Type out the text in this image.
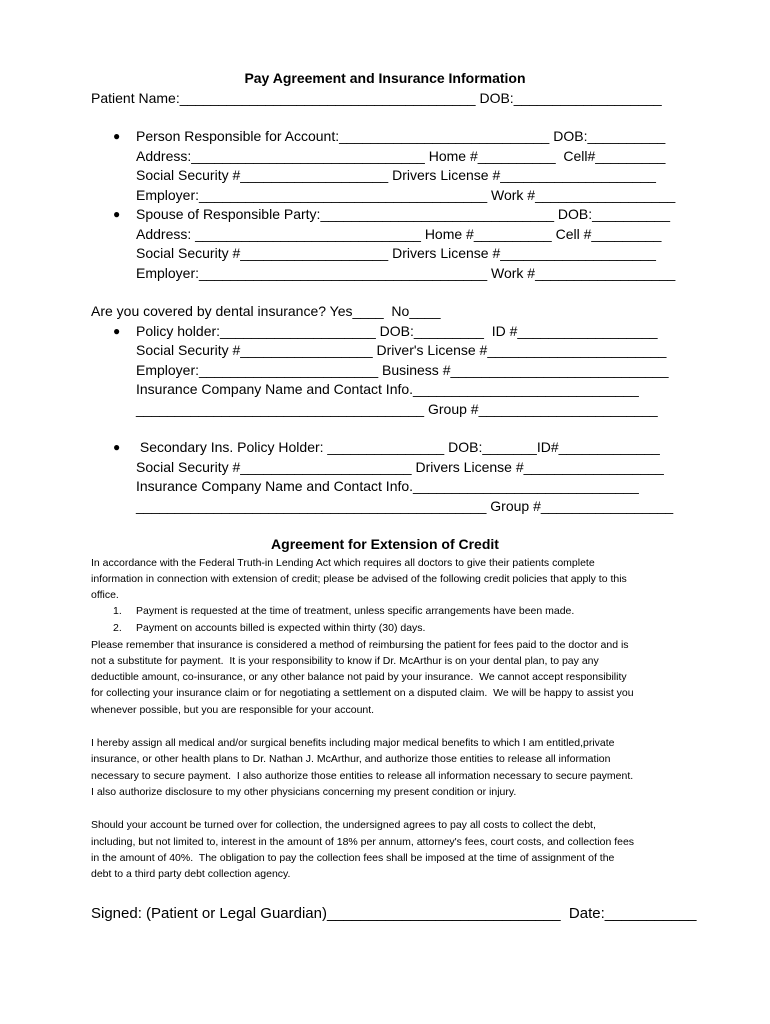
Pay Agreement and Insurance Information
Patient Name:______________________________________ DOB:___________________
● Person Responsible for Account:___________________________ DOB:__________
Address:______________________________ Home #__________  Cell#_________
Social Security #___________________ Drivers License #____________________
Employer:_____________________________________ Work #__________________
● Spouse of Responsible Party:______________________________ DOB:__________
Address: _____________________________ Home #__________ Cell #_________
Social Security #___________________ Drivers License #____________________
Employer:_____________________________________ Work #__________________
Are you covered by dental insurance? Yes____  No____
● Policy holder:____________________ DOB:_________  ID #__________________
Social Security #_________________ Driver's License #_______________________
Employer:_______________________ Business #____________________________
Insurance Company Name and Contact Info._____________________________
_____________________________________ Group #_______________________
● Secondary Ins. Policy Holder: _______________ DOB:_______ID#_____________
Social Security #______________________ Drivers License #__________________
Insurance Company Name and Contact Info._____________________________
_____________________________________________ Group #_________________
Agreement for Extension of Credit
In accordance with the Federal Truth-in Lending Act which requires all doctors to give their patients complete
information in connection with extension of credit; please be advised of the following credit policies that apply to this
office.
1. Payment is requested at the time of treatment, unless specific arrangements have been made.
2. Payment on accounts billed is expected within thirty (30) days.
Please remember that insurance is considered a method of reimbursing the patient for fees paid to the doctor and is
not a substitute for payment.  It is your responsibility to know if Dr. McArthur is on your dental plan, to pay any
deductible amount, co-insurance, or any other balance not paid by your insurance.  We cannot accept responsibility
for collecting your insurance claim or for negotiating a settlement on a disputed claim.  We will be happy to assist you
whenever possible, but you are responsible for your account.
I hereby assign all medical and/or surgical benefits including major medical benefits to which I am entitled,private
insurance, or other health plans to Dr. Nathan J. McArthur, and authorize those entities to release all information
necessary to secure payment.  I also authorize those entities to release all information necessary to secure payment.
I also authorize disclosure to my other physicians concerning my present condition or injury.
Should your account be turned over for collection, the undersigned agrees to pay all costs to collect the debt,
including, but not limited to, interest in the amount of 18% per annum, attorney's fees, court costs, and collection fees
in the amount of 40%.  The obligation to pay the collection fees shall be imposed at the time of assignment of the
debt to a third party debt collection agency.
Signed: (Patient or Legal Guardian)____________________________  Date:___________
